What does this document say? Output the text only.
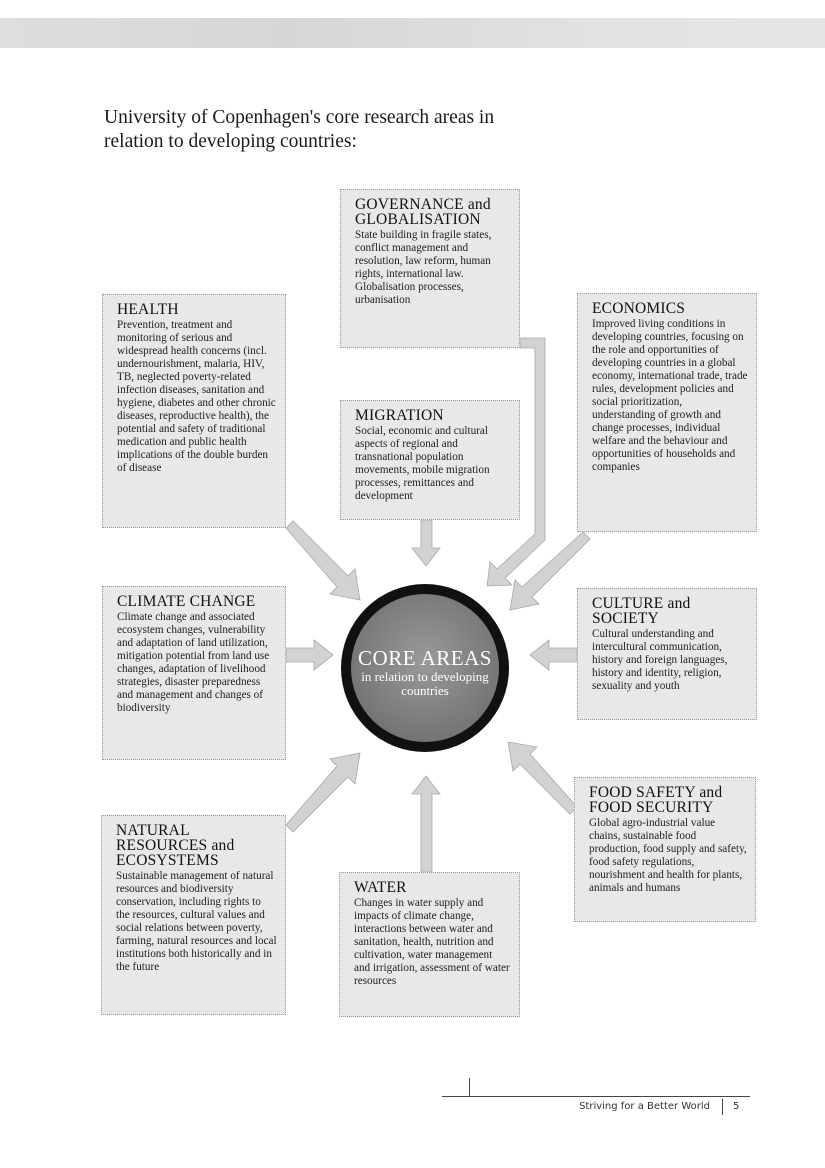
University of Copenhagen's core research areas in relation to developing countries:
GOVERNANCE and GLOBALISATION

State building in fragile states, conflict management and resolution, law reform, human rights, international law. Globalisation processes, urbanisation

HEALTH

Prevention, treatment and monitoring of serious and widespread health concerns (incl. undernourishment, malaria, HIV, TB, neglected poverty-related infection diseases, sanitation and hygiene, diabetes and other chronic diseases, reproductive health), the potential and safety of traditional medication and public health implications of the double burden of disease

ECONOMICS

Improved living conditions in developing countries, focusing on the role and opportunities of developing countries in a global economy, international trade, trade rules, development policies and social prioritization, understanding of growth and change processes, individual welfare and the behaviour and opportunities of households and companies

MIGRATION

Social, economic and cultural aspects of regional and transnational population movements, mobile migration processes, remittances and development

CLIMATE CHANGE

Climate change and associated ecosystem changes, vulnerability and adaptation of land utilization, mitigation potential from land use changes, adaptation of livelihood strategies, disaster preparedness and management and changes of biodiversity

CULTURE and SOCIETY

Cultural understanding and intercultural communication, history and foreign languages, history and identity, religion, sexuality and youth

FOOD SAFETY and FOOD SECURITY

Global agro-industrial value chains, sustainable food production, food supply and safety, food safety regulations, nourishment and health for plants, animals and humans

NATURAL RESOURCES and ECOSYSTEMS

Sustainable management of natural resources and biodiversity conservation, including rights to the resources, cultural values and social relations between poverty, farming, natural resources and local institutions both historically and in the future

WATER

Changes in water supply and impacts of climate change, interactions between water and sanitation, health, nutrition and cultivation, water management and irrigation, assessment of water resources

CORE AREAS
in relation to developing countries
Striving for a Better World 5
